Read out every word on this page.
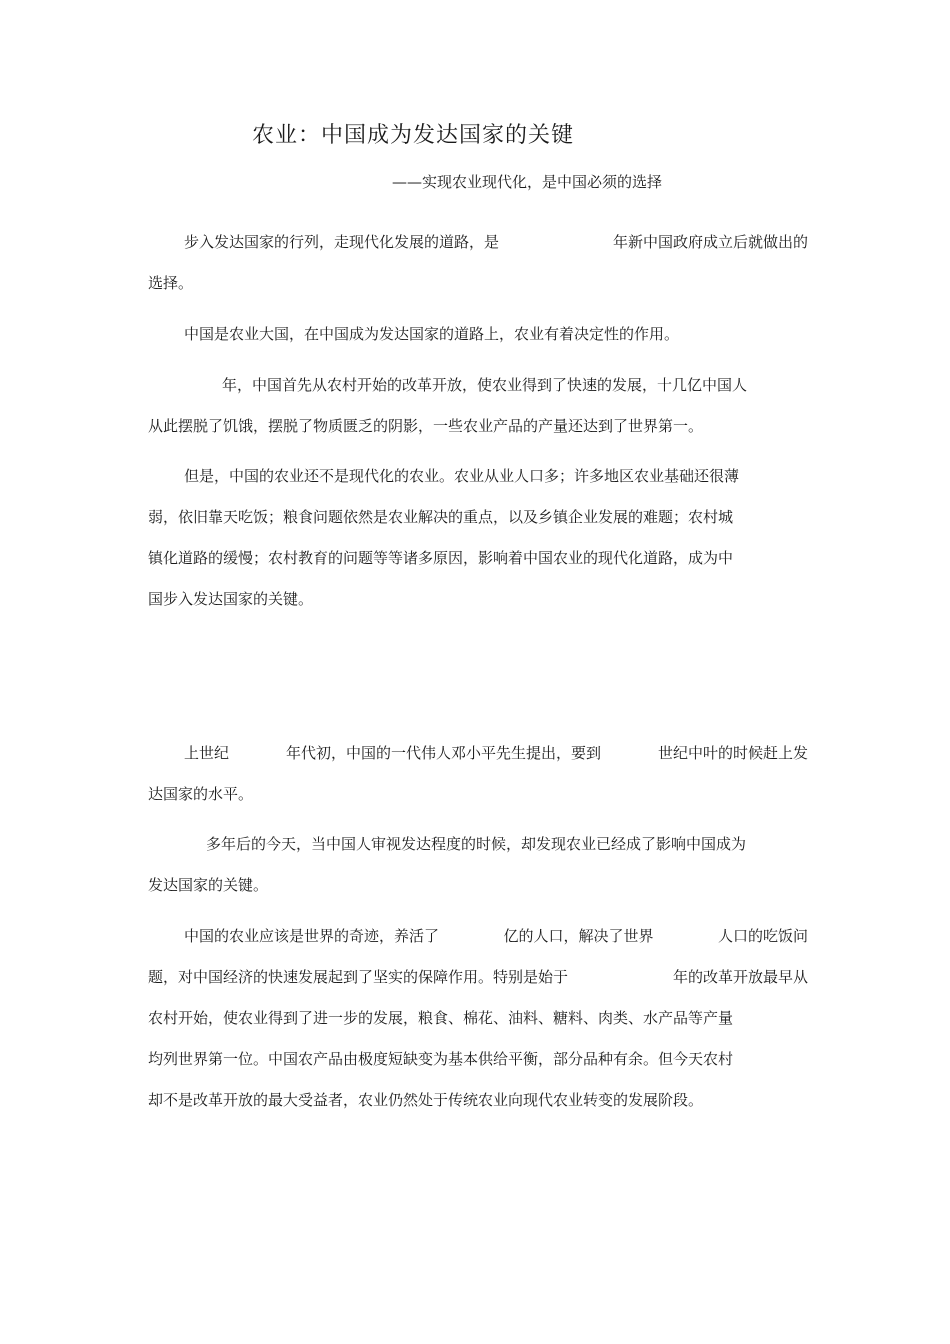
农业：中国成为发达国家的关键
——实现农业现代化，是中国必须的选择
步入发达国家的行列，走现代化发展的道路，是	年新中国政府成立后就做出的
选择。
中国是农业大国，在中国成为发达国家的道路上，农业有着决定性的作用。
年，中国首先从农村开始的改革开放，使农业得到了快速的发展，十几亿中国人
从此摆脱了饥饿，摆脱了物质匮乏的阴影，一些农业产品的产量还达到了世界第一。
但是，中国的农业还不是现代化的农业。农业从业人口多；许多地区农业基础还很薄
弱，依旧靠天吃饭；粮食问题依然是农业解决的重点，以及乡镇企业发展的难题；农村城
镇化道路的缓慢；农村教育的问题等等诸多原因，影响着中国农业的现代化道路，成为中
国步入发达国家的关键。
上世纪	年代初，中国的一代伟人邓小平先生提出，要到	世纪中叶的时候赶上发
达国家的水平。
多年后的今天，当中国人审视发达程度的时候，却发现农业已经成了影响中国成为
发达国家的关键。
中国的农业应该是世界的奇迹，养活了	亿的人口，解决了世界	人口的吃饭问
题，对中国经济的快速发展起到了坚实的保障作用。特别是始于	年的改革开放最早从
农村开始，使农业得到了进一步的发展，粮食、棉花、油料、糖料、肉类、水产品等产量
均列世界第一位。中国农产品由极度短缺变为基本供给平衡，部分品种有余。但今天农村
却不是改革开放的最大受益者，农业仍然处于传统农业向现代农业转变的发展阶段。
